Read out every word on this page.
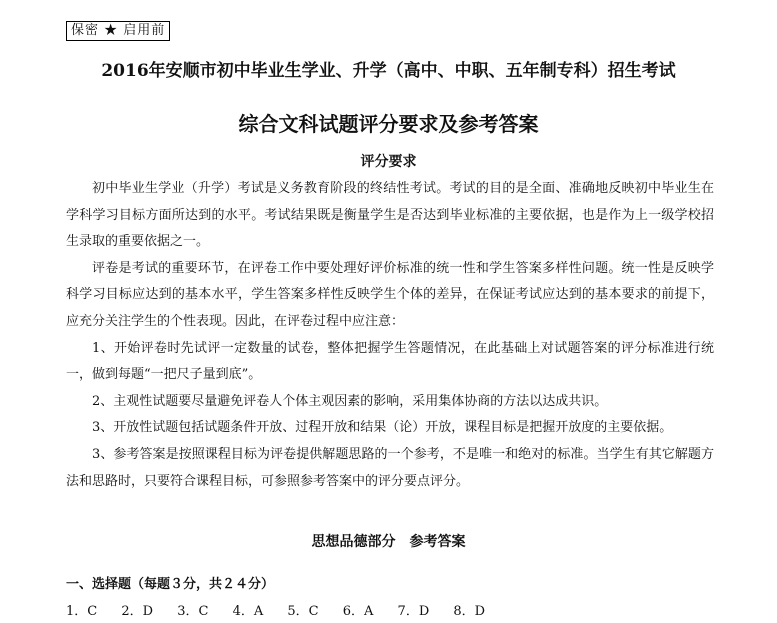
保密 ★ 启用前
2016年安顺市初中毕业生学业、升学（高中、中职、五年制专科）招生考试
综合文科试题评分要求及参考答案
评分要求

初中毕业生学业（升学）考试是义务教育阶段的终结性考试。考试的目的是全面、准确地反映初中毕业生在学科学习目标方面所达到的水平。考试结果既是衡量学生是否达到毕业标准的主要依据，也是作为上一级学校招生录取的重要依据之一。

评卷是考试的重要环节，在评卷工作中要处理好评价标准的统一性和学生答案多样性问题。统一性是反映学科学习目标应达到的基本水平，学生答案多样性反映学生个体的差异，在保证考试应达到的基本要求的前提下，应充分关注学生的个性表现。因此，在评卷过程中应注意：

1、开始评卷时先试评一定数量的试卷，整体把握学生答题情况，在此基础上对试题答案的评分标准进行统一，做到每题“一把尺子量到底”。

2、主观性试题要尽量避免评卷人个体主观因素的影响，采用集体协商的方法以达成共识。

3、开放性试题包括试题条件开放、过程开放和结果（论）开放，课程目标是把握开放度的主要依据。

3、参考答案是按照课程目标为评卷提供解题思路的一个参考，不是唯一和绝对的标准。当学生有其它解题方法和思路时，只要符合课程目标，可参照参考答案中的评分要点评分。

思想品德部分　参考答案
一、选择题（每题３分，共２４分）
1．C 2．D 3．C 4．A 5．C 6．A 7．D 8．D
